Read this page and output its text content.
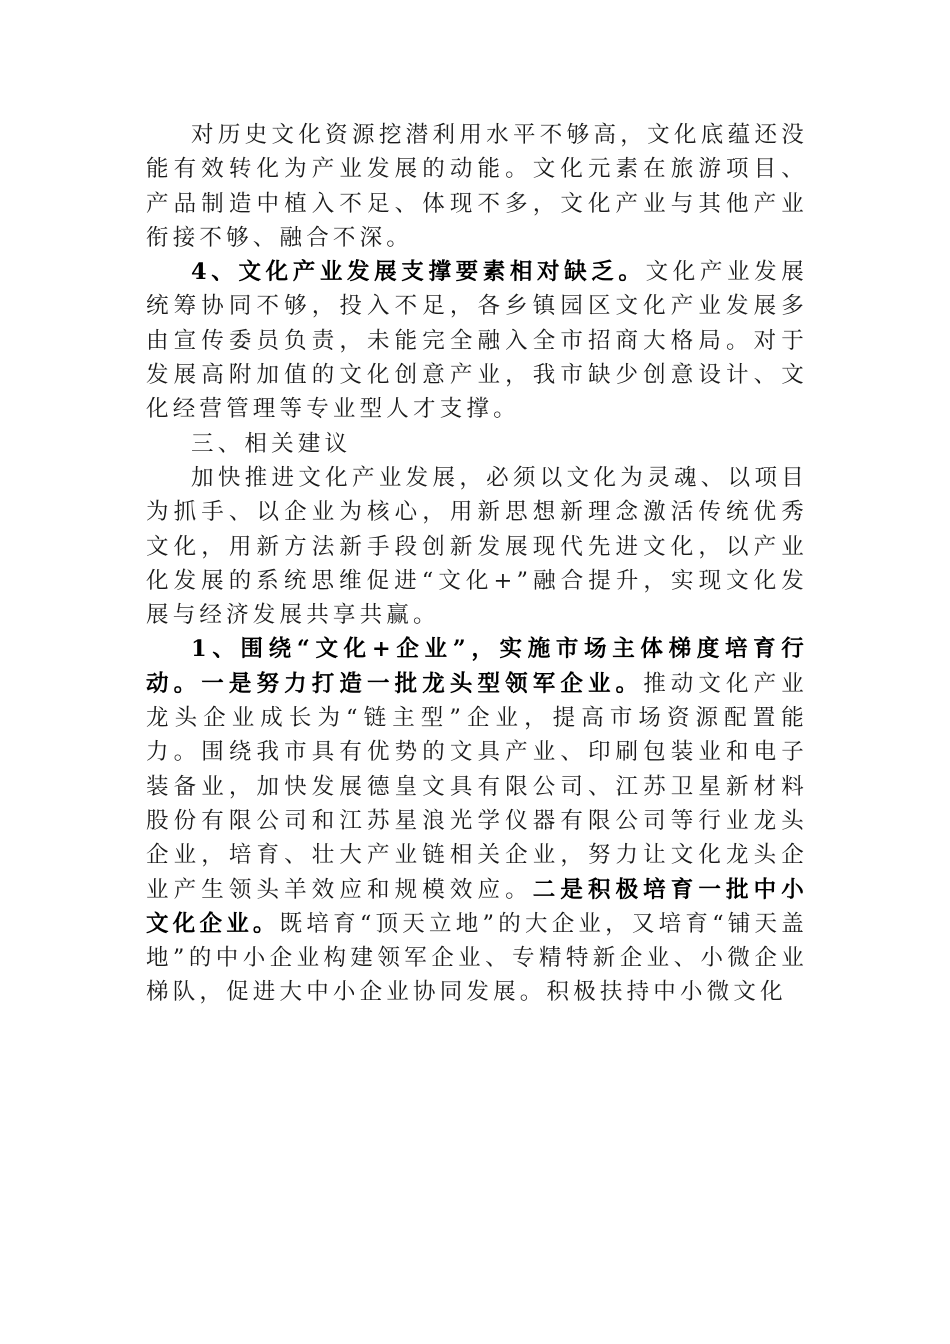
对历史文化资源挖潜利用水平不够高，文化底蕴还没能有效转化为产业发展的动能。文化元素在旅游项目、产品制造中植入不足、体现不多，文化产业与其他产业衔接不够、融合不深。

4、文化产业发展支撑要素相对缺乏。文化产业发展统筹协同不够，投入不足，各乡镇园区文化产业发展多由宣传委员负责，未能完全融入全市招商大格局。对于发展高附加值的文化创意产业，我市缺少创意设计、文化经营管理等专业型人才支撑。

三、相关建议

加快推进文化产业发展，必须以文化为灵魂、以项目为抓手、以企业为核心，用新思想新理念激活传统优秀文化，用新方法新手段创新发展现代先进文化，以产业化发展的系统思维促进“文化+”融合提升，实现文化发展与经济发展共享共赢。

1、围绕“文化+企业”，实施市场主体梯度培育行动。一是努力打造一批龙头型领军企业。推动文化产业龙头企业成长为“链主型”企业，提高市场资源配置能力。围绕我市具有优势的文具产业、印刷包装业和电子装备业，加快发展德皇文具有限公司、江苏卫星新材料股份有限公司和江苏星浪光学仪器有限公司等行业龙头企业，培育、壮大产业链相关企业，努力让文化龙头企业产生领头羊效应和规模效应。二是积极培育一批中小文化企业。既培育“顶天立地”的大企业，又培育“铺天盖地”的中小企业构建领军企业、专精特新企业、小微企业梯队，促进大中小企业协同发展。积极扶持中小微文化
